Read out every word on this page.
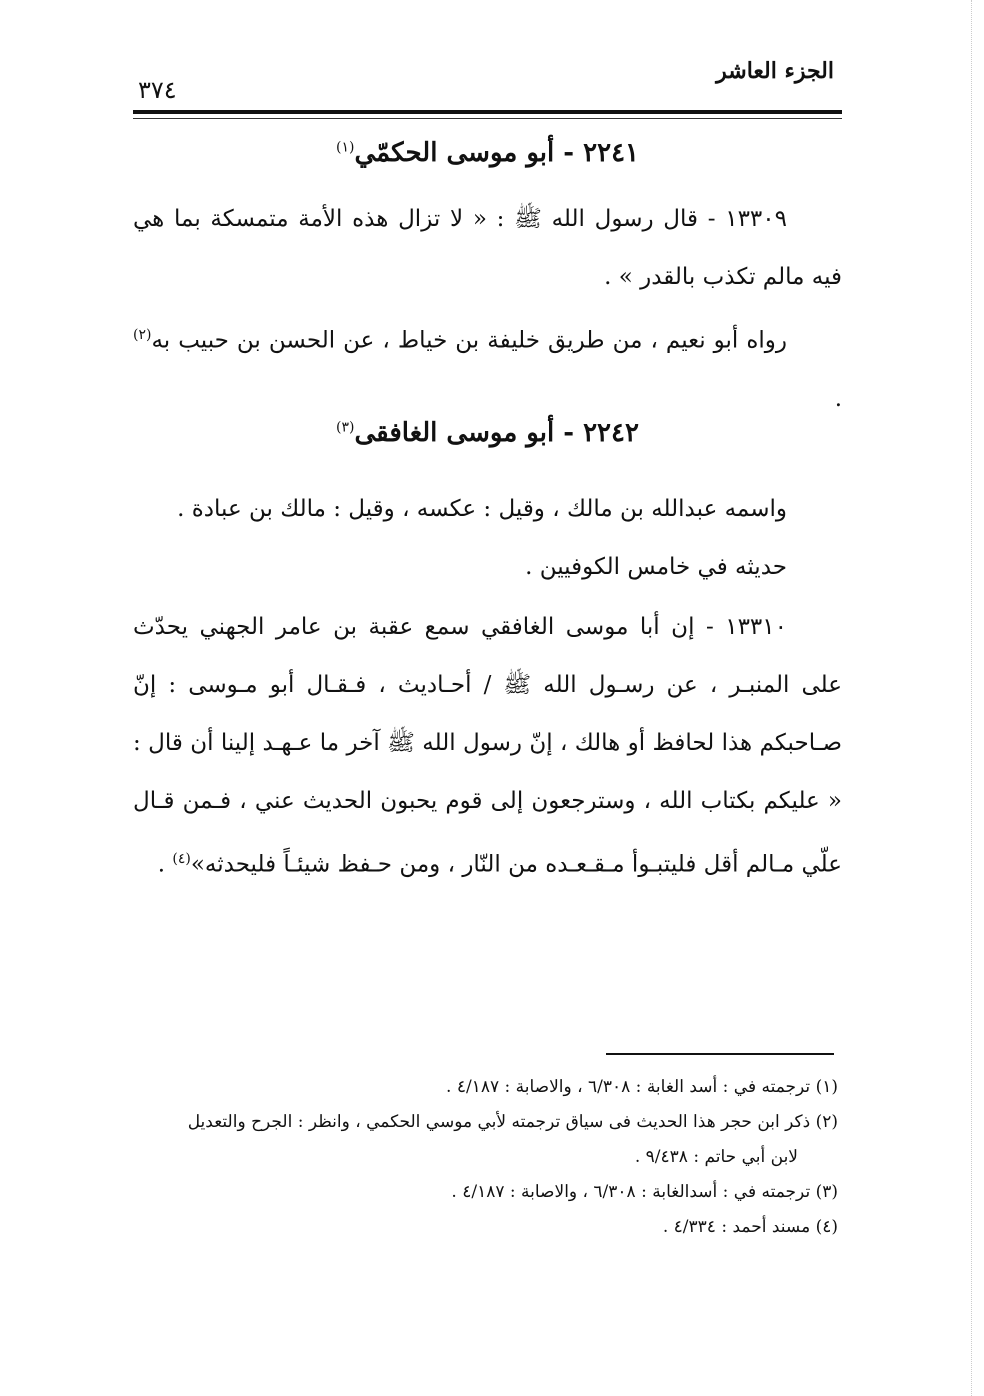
الجزء العاشر
٣٧٤
٢٢٤١ - أبو موسى الحكمّي$^{(١)}$
١٣٣٠٩ - قال رسول الله ﷺ : « لا تزال هذه الأمة متمسكة بما هي فيه مالم تكذب بالقدر » .
رواه أبو نعيم ، من طريق خليفة بن خياط ، عن الحسن بن حبيب به$^{(٢)}$ .
٢٢٤٢ - أبو موسى الغافقى$^{(٣)}$
واسمه عبدالله بن مالك ، وقيل : عكسه ، وقيل : مالك بن عبادة .
حديثه في خامس الكوفيين .
١٣٣١٠ - إن أبا موسى الغافقي سمع عقبة بن عامر الجهني يحدّث على المنبـر ، عن رسـول الله ﷺ / أحـاديث ، فـقـال أبو مـوسى : إنّ صـاحبكم هذا لحافظ أو هالك ، إنّ رسول الله ﷺ آخر ما عـهـد إلينا أن قال : « عليكم بكتاب الله ، وسترجعون إلى قوم يحبون الحديث عني ، فـمن قـال علّي مـالم أقل فليتبـوأ مـقـعـده من النّار ، ومن حـفظ شيئـاً فليحدثه»$^{(٤)}$ .
(١) ترجمته في : أسد الغابة : ٦/٣٠٨ ، والاصابة : ٤/١٨٧ .
(٢) ذكر ابن حجر هذا الحديث فى سياق ترجمته لأبي موسي الحكمي ، وانظر : الجرح والتعديل
لابن أبي حاتم : ٩/٤٣٨ .
(٣) ترجمته في : أسدالغابة : ٦/٣٠٨ ، والاصابة : ٤/١٨٧ .
(٤) مسند أحمد : ٤/٣٣٤ .
